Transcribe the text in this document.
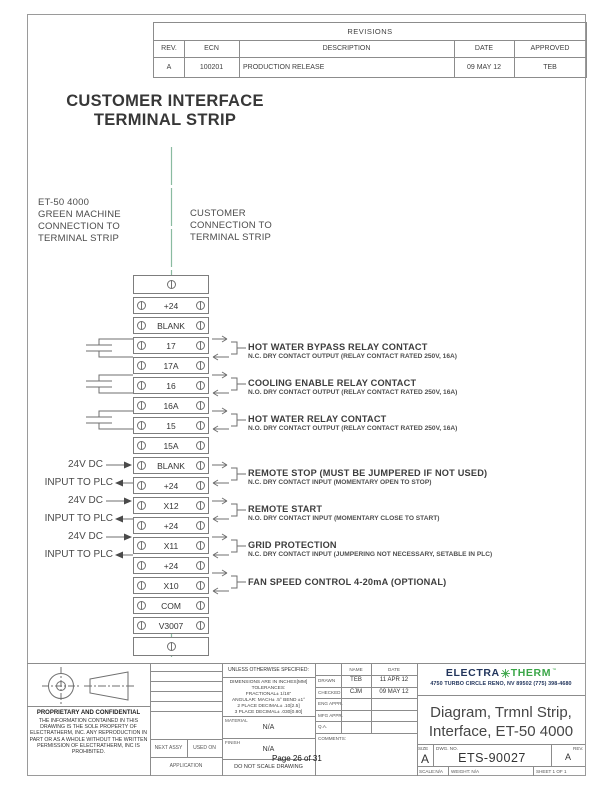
REVISIONS
REV.	ECN	DESCRIPTION	DATE	APPROVED
A	100201	PRODUCTION RELEASE	09 MAY 12	TEB
CUSTOMER INTERFACE
TERMINAL STRIP
ET-50 4000
GREEN MACHINE
CONNECTION TO
TERMINAL STRIP
CUSTOMER
CONNECTION TO
TERMINAL STRIP
+24
BLANK
17
17A
16
16A
15
15A
BLANK
+24
X12
+24
X11
+24
X10
COM
V3007
24V DC
INPUT TO PLC
24V DC
INPUT TO PLC
24V DC
INPUT TO PLC
HOT WATER BYPASS RELAY CONTACT
N.C. DRY CONTACT OUTPUT (RELAY CONTACT RATED 250V, 16A)
COOLING ENABLE RELAY CONTACT
N.O. DRY CONTACT OUTPUT (RELAY CONTACT RATED 250V, 16A)
HOT WATER RELAY CONTACT
N.O. DRY CONTACT OUTPUT (RELAY CONTACT RATED 250V, 16A)
REMOTE STOP (MUST BE JUMPERED IF NOT USED)
N.C. DRY CONTACT INPUT (MOMENTARY OPEN TO STOP)
REMOTE START
N.O. DRY CONTACT INPUT (MOMENTARY CLOSE TO START)
GRID PROTECTION
N.C. DRY CONTACT INPUT (JUMPERING NOT NECESSARY, SETABLE IN PLC)
FAN SPEED CONTROL 4-20mA (OPTIONAL)
PROPRIETARY AND CONFIDENTIAL
THE INFORMATION CONTAINED IN THIS DRAWING IS THE SOLE PROPERTY OF ELECTRATHERM, INC. ANY REPRODUCTION IN PART OR AS A WHOLE WITHOUT THE WRITTEN PERMISSION OF ELECTRATHERM, INC IS PROHIBITED.
NEXT ASSY	USED ON
APPLICATION
UNLESS OTHERWISE SPECIFIED:
DIMENSIONS ARE IN INCHES[MM]
TOLERANCES:
FRACTIONAL± 1/16"
ANGULAR: MACH± .5° BEND ±1°
2 PLACE DECIMAL± .10[2.5]
3 PLACE DECIMAL± .030[0.80]
MATERIAL
N/A
FINISH
N/A
DO NOT SCALE DRAWING
NAME	DATE
DRAWN	TEB	11 APR 12
CHECKED	CJM	09 MAY 12
ENG APPR.
MFG APPR.
Q.A.
COMMENTS:
ELECTRA THERM ™
4750 TURBO CIRCLE RENO, NV 89502 (775) 398-4680
Diagram, Trmnl Strip,
Interface, ET-50 4000
SIZE
A
DWG. NO.
ETS-90027
REV.
A
SCALE:N/A WEIGHT: N/A	SHEET 1 OF 1
Page 26 of 31
